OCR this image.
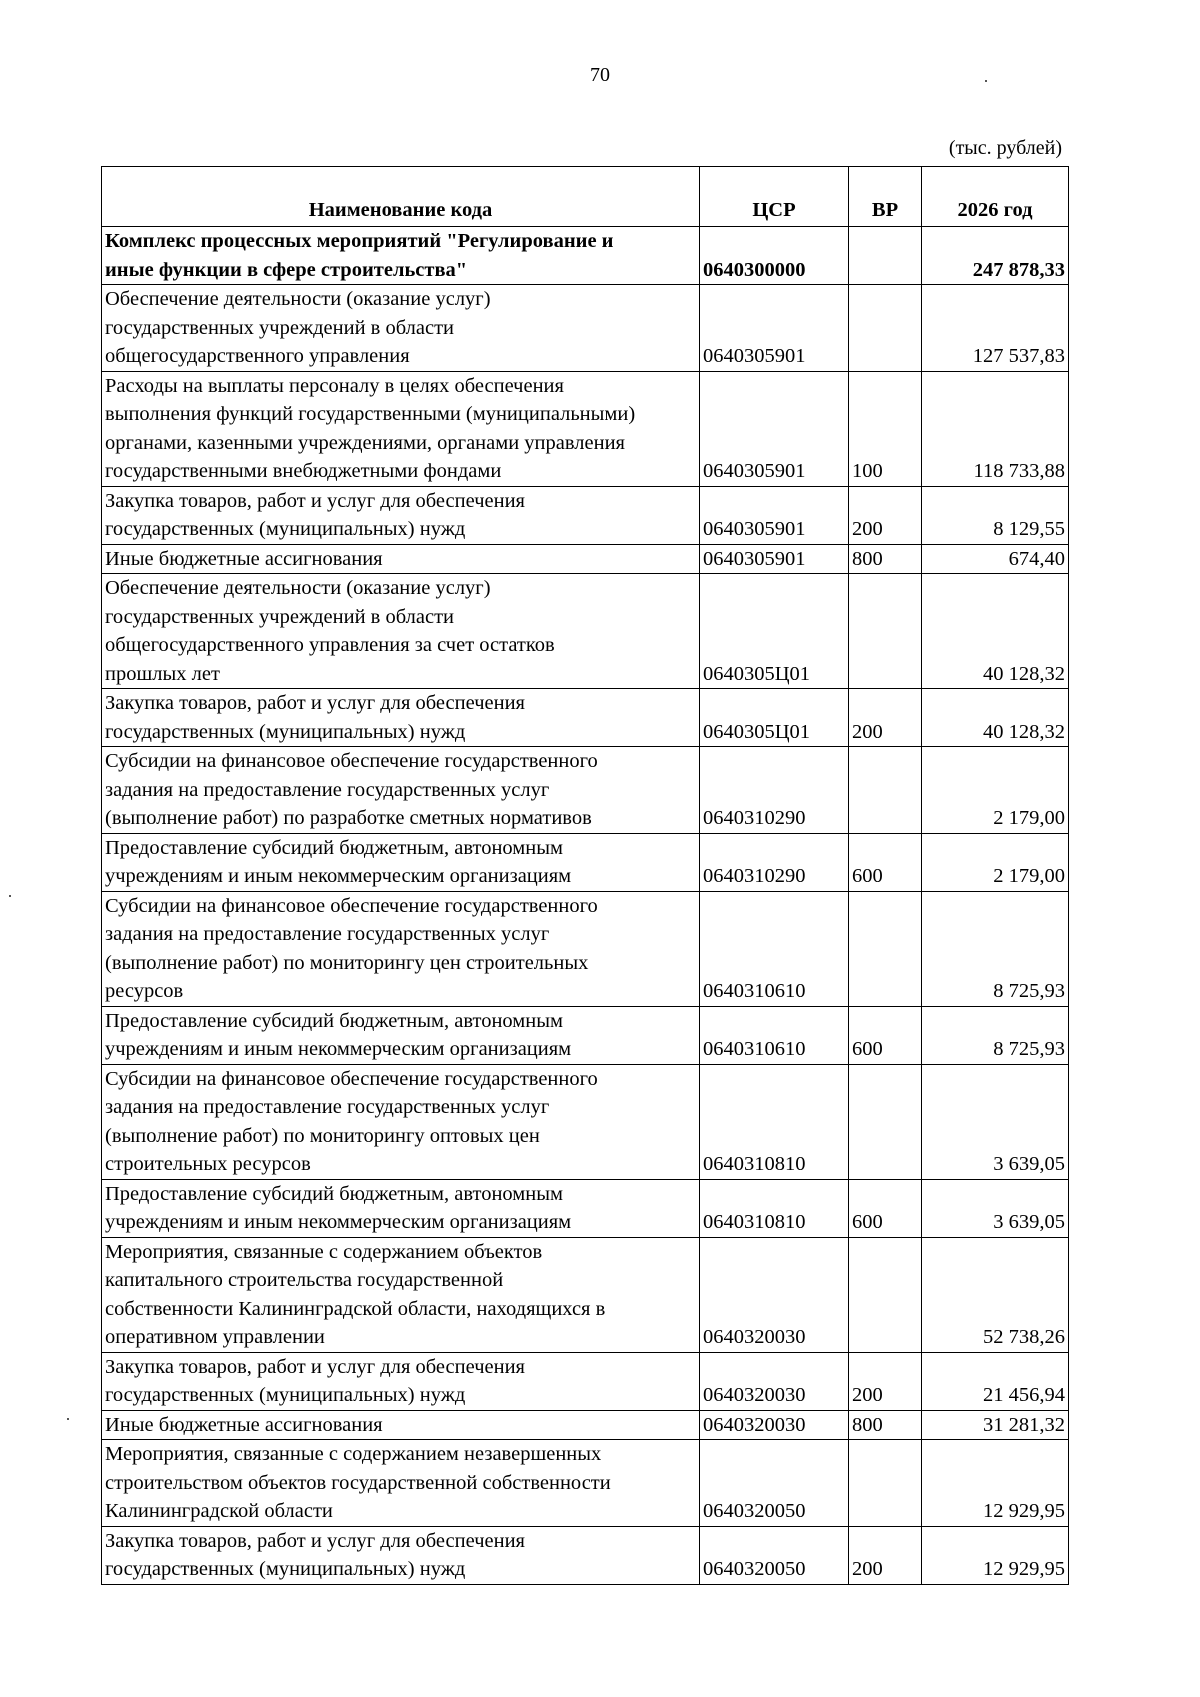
70
(тыс. рублей)
Наименование кода	ЦСР	ВР	2026 год
Комплекс процессных мероприятий "Регулирование и
иные функции в сфере строительства"	0640300000		247 878,33
Обеспечение деятельности (оказание услуг)
государственных учреждений в области
общегосударственного управления	0640305901		127 537,83
Расходы на выплаты персоналу в целях обеспечения
выполнения функций государственными (муниципальными)
органами, казенными учреждениями, органами управления
государственными внебюджетными фондами	0640305901	100	118 733,88
Закупка товаров, работ и услуг для обеспечения
государственных (муниципальных) нужд	0640305901	200	8 129,55
Иные бюджетные ассигнования	0640305901	800	674,40
Обеспечение деятельности (оказание услуг)
государственных учреждений в области
общегосударственного управления за счет остатков
прошлых лет	0640305Ц01		40 128,32
Закупка товаров, работ и услуг для обеспечения
государственных (муниципальных) нужд	0640305Ц01	200	40 128,32
Субсидии на финансовое обеспечение государственного
задания на предоставление государственных услуг
(выполнение работ) по разработке сметных нормативов	0640310290		2 179,00
Предоставление субсидий бюджетным, автономным
учреждениям и иным некоммерческим организациям	0640310290	600	2 179,00
Субсидии на финансовое обеспечение государственного
задания на предоставление государственных услуг
(выполнение работ) по мониторингу цен строительных
ресурсов	0640310610		8 725,93
Предоставление субсидий бюджетным, автономным
учреждениям и иным некоммерческим организациям	0640310610	600	8 725,93
Субсидии на финансовое обеспечение государственного
задания на предоставление государственных услуг
(выполнение работ) по мониторингу оптовых цен
строительных ресурсов	0640310810		3 639,05
Предоставление субсидий бюджетным, автономным
учреждениям и иным некоммерческим организациям	0640310810	600	3 639,05
Мероприятия, связанные с содержанием объектов
капитального строительства государственной
собственности Калининградской области, находящихся в
оперативном управлении	0640320030		52 738,26
Закупка товаров, работ и услуг для обеспечения
государственных (муниципальных) нужд	0640320030	200	21 456,94
Иные бюджетные ассигнования	0640320030	800	31 281,32
Мероприятия, связанные с содержанием незавершенных
строительством объектов государственной собственности
Калининградской области	0640320050		12 929,95
Закупка товаров, работ и услуг для обеспечения
государственных (муниципальных) нужд	0640320050	200	12 929,95
